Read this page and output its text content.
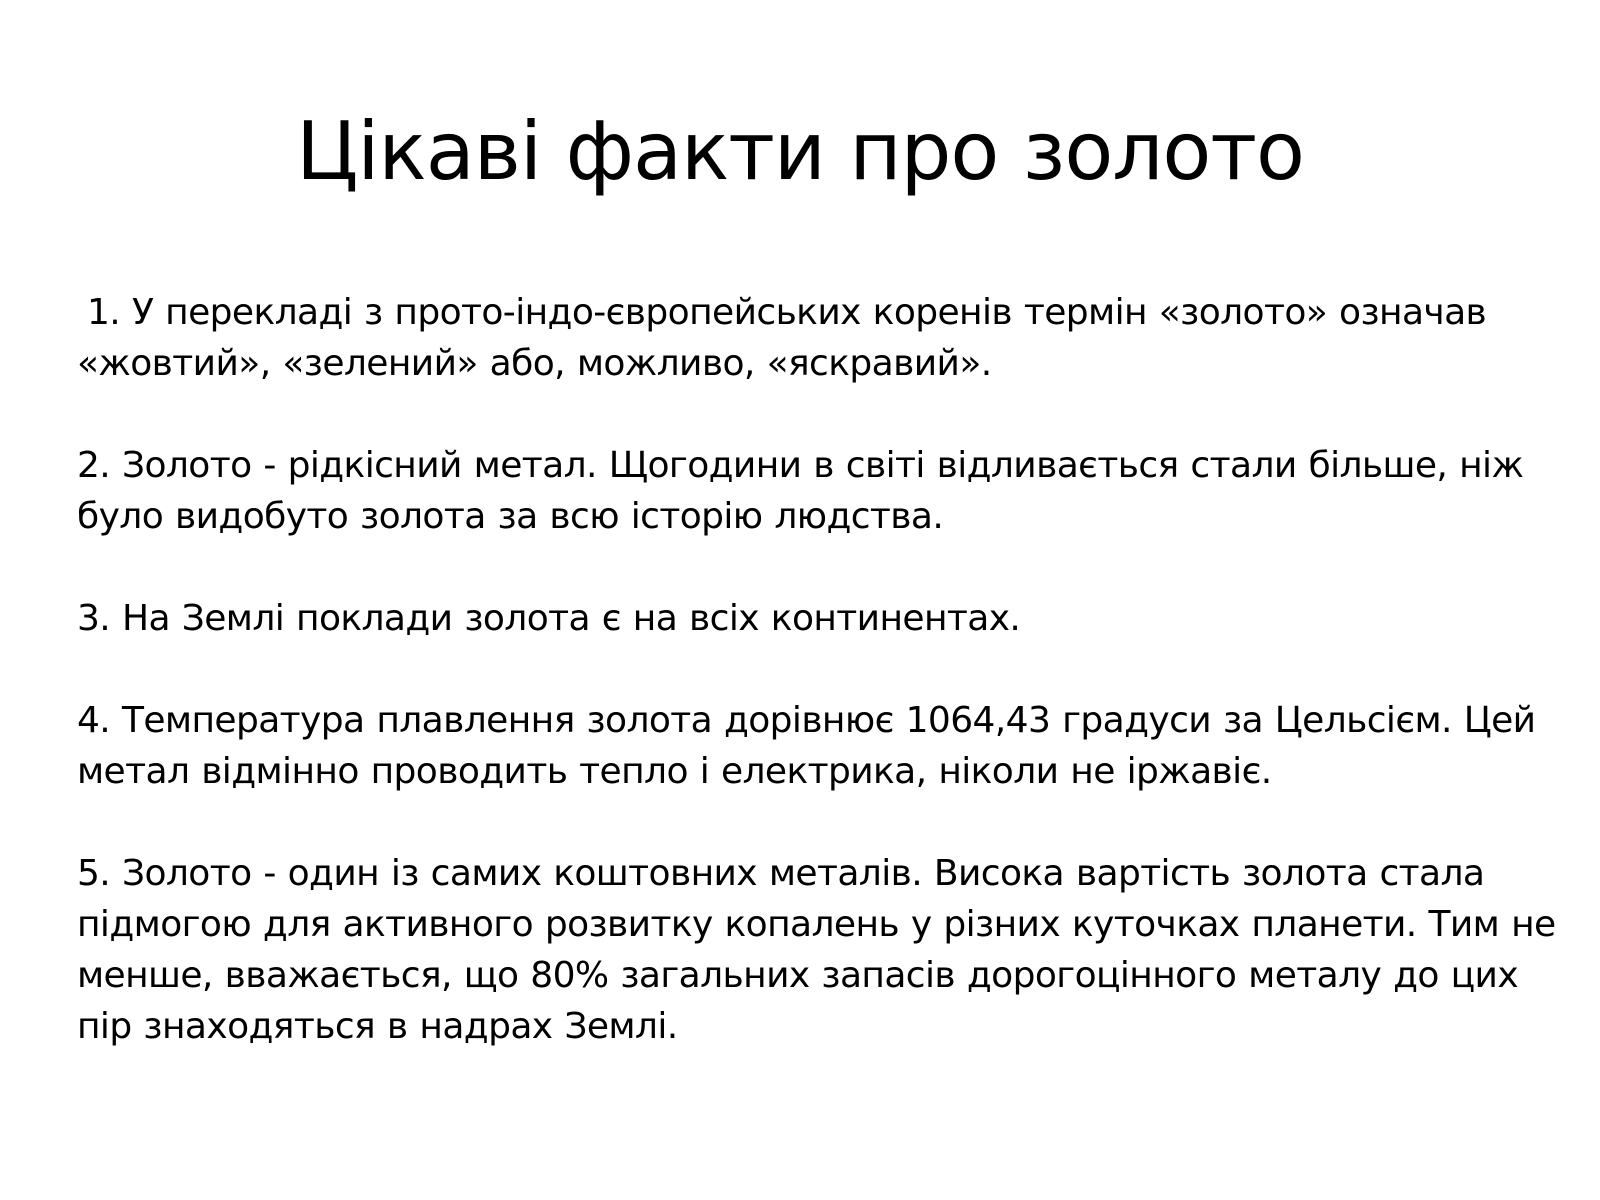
Цікаві факти про золото
1. У перекладі з прото-індо-європейських коренів термін «золото» означав «жовтий», «зелений» або, можливо, «яскравий».
2. Золото - рідкісний метал. Щогодини в світі відливається стали більше, ніж було видобуто золота за всю історію людства.
3. На Землі поклади золота є на всіх континентах.
4. Температура плавлення золота дорівнює 1064,43 градуси за Цельсієм. Цей метал відмінно проводить тепло і електрика, ніколи не іржавіє.
5. Золото - один із самих коштовних металів. Висока вартість золота стала підмогою для активного розвитку копалень у різних куточках планети. Тим не менше, вважається, що 80% загальних запасів дорогоцінного металу до цих пір знаходяться в надрах Землі.
